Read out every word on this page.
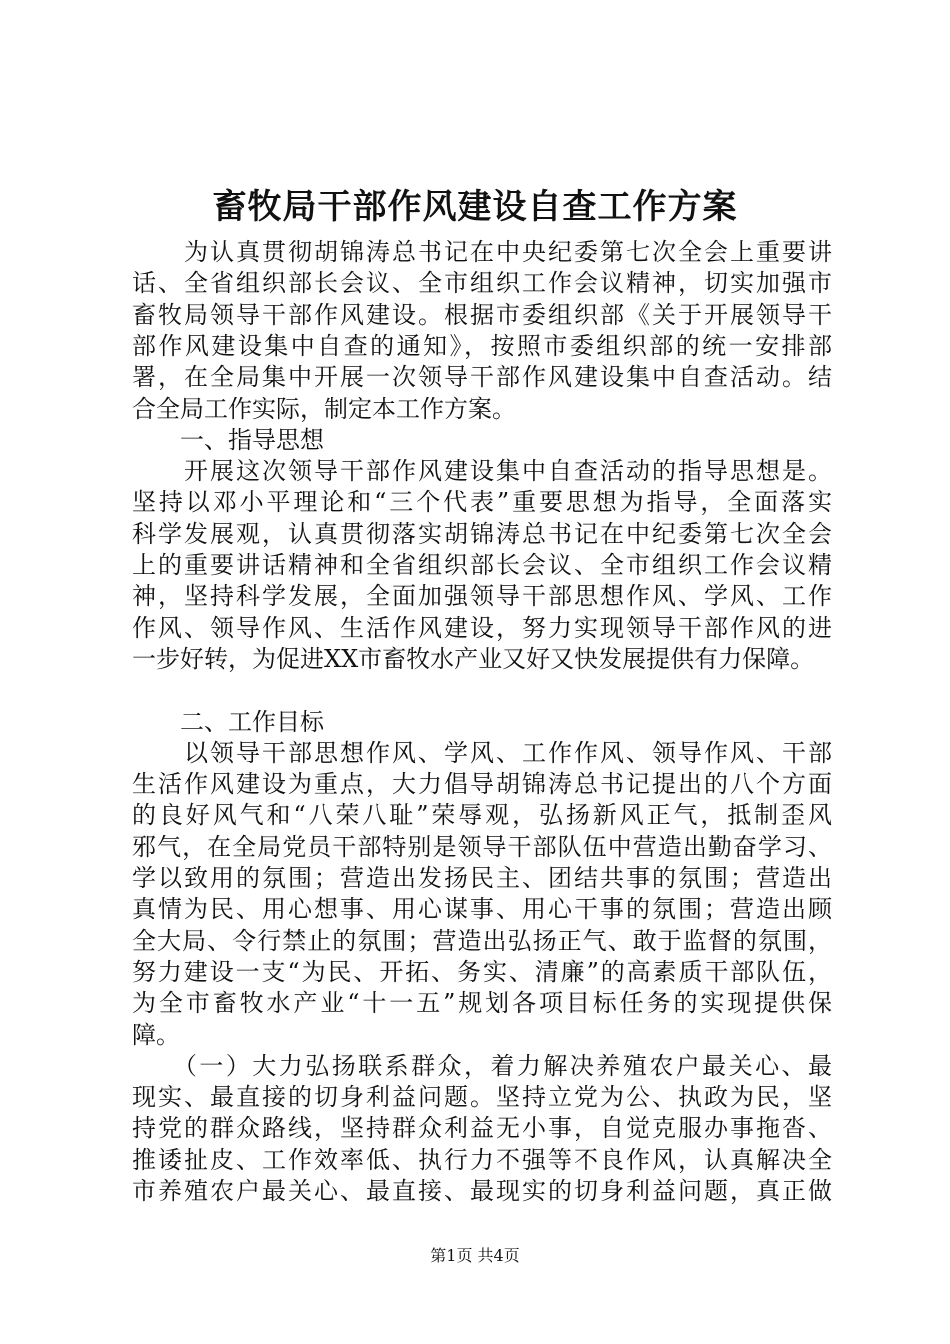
畜牧局干部作风建设自查工作方案
　　为认真贯彻胡锦涛总书记在中央纪委第七次全会上重要讲
话、全省组织部长会议、全市组织工作会议精神，切实加强市
畜牧局领导干部作风建设。根据市委组织部《关于开展领导干
部作风建设集中自查的通知》，按照市委组织部的统一安排部
署，在全局集中开展一次领导干部作风建设集中自查活动。结
合全局工作实际，制定本工作方案。
　　一、指导思想
　　开展这次领导干部作风建设集中自查活动的指导思想是。
坚持以邓小平理论和“三个代表”重要思想为指导，全面落实
科学发展观，认真贯彻落实胡锦涛总书记在中纪委第七次全会
上的重要讲话精神和全省组织部长会议、全市组织工作会议精
神，坚持科学发展，全面加强领导干部思想作风、学风、工作
作风、领导作风、生活作风建设，努力实现领导干部作风的进
一步好转，为促进XX市畜牧水产业又好又快发展提供有力保障。
　　二、工作目标
　　以领导干部思想作风、学风、工作作风、领导作风、干部
生活作风建设为重点，大力倡导胡锦涛总书记提出的八个方面
的良好风气和“八荣八耻”荣辱观，弘扬新风正气，抵制歪风
邪气，在全局党员干部特别是领导干部队伍中营造出勤奋学习、
学以致用的氛围；营造出发扬民主、团结共事的氛围；营造出
真情为民、用心想事、用心谋事、用心干事的氛围；营造出顾
全大局、令行禁止的氛围；营造出弘扬正气、敢于监督的氛围，
努力建设一支“为民、开拓、务实、清廉”的高素质干部队伍，
为全市畜牧水产业“十一五”规划各项目标任务的实现提供保
障。
　　（一）大力弘扬联系群众，着力解决养殖农户最关心、最
现实、最直接的切身利益问题。坚持立党为公、执政为民，坚
持党的群众路线，坚持群众利益无小事，自觉克服办事拖沓、
推诿扯皮、工作效率低、执行力不强等不良作风，认真解决全
市养殖农户最关心、最直接、最现实的切身利益问题，真正做
第1页 共4页
